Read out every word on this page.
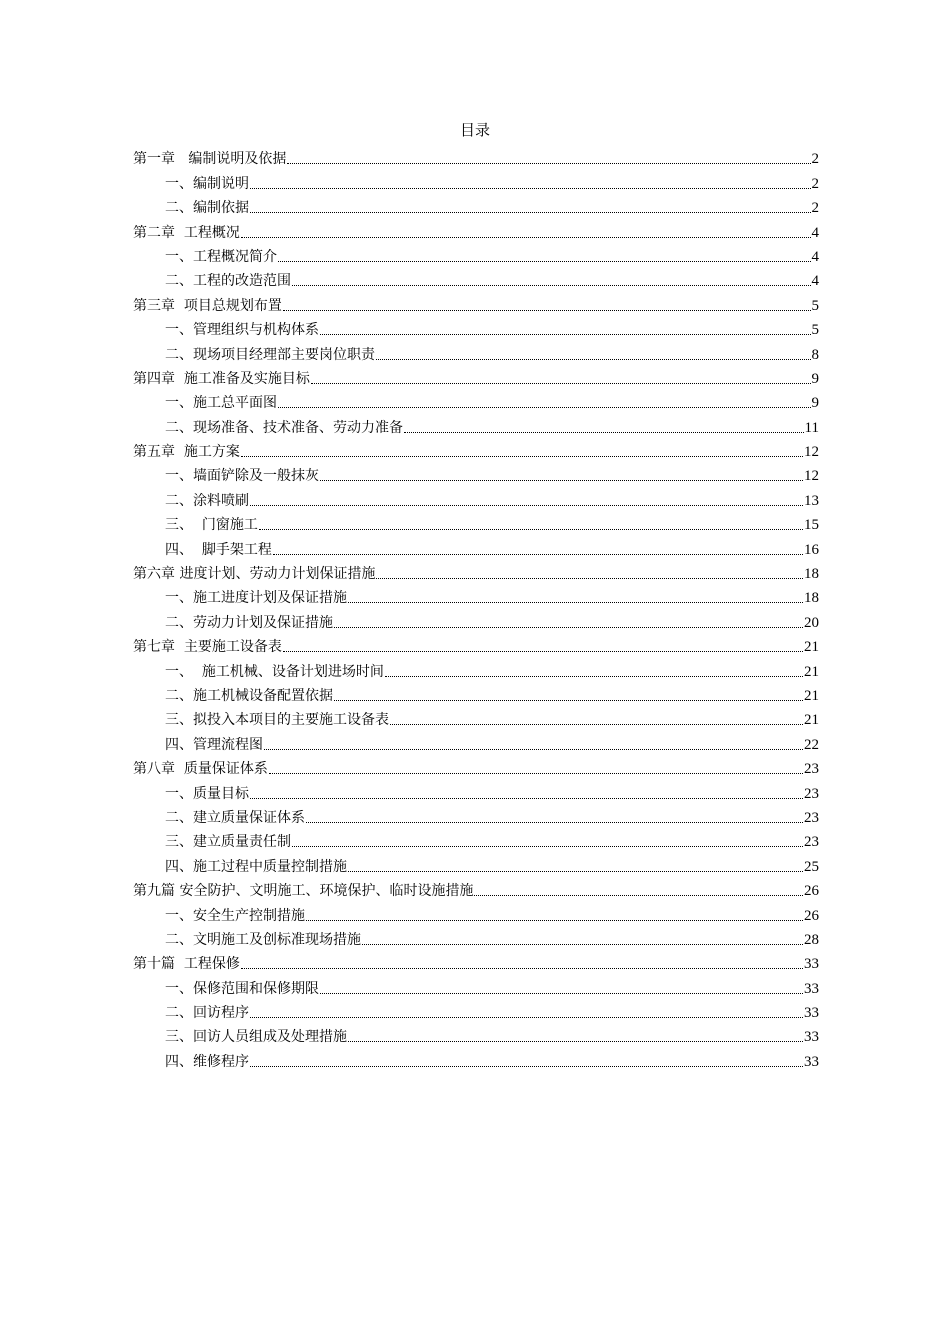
目录
第一章   编制说明及依据	2
一、编制说明	2
二、编制依据	2
第二章  工程概况	4
一、工程概况简介	4
二、工程的改造范围	4
第三章  项目总规划布置	5
一、管理组织与机构体系	5
二、现场项目经理部主要岗位职责	8
第四章  施工准备及实施目标	9
一、施工总平面图	9
二、现场准备、技术准备、劳动力准备	11
第五章  施工方案	12
一、墙面铲除及一般抹灰	12
二、涂料喷刷	13
三、  门窗施工	15
四、  脚手架工程	16
第六章 进度计划、劳动力计划保证措施	18
一、施工进度计划及保证措施	18
二、劳动力计划及保证措施	20
第七章  主要施工设备表	21
一、  施工机械、设备计划进场时间	21
二、施工机械设备配置依据	21
三、拟投入本项目的主要施工设备表	21
四、管理流程图	22
第八章  质量保证体系	23
一、质量目标	23
二、建立质量保证体系	23
三、建立质量责任制	23
四、施工过程中质量控制措施	25
第九篇 安全防护、文明施工、环境保护、临时设施措施	26
一、安全生产控制措施	26
二、文明施工及创标准现场措施	28
第十篇  工程保修	33
一、保修范围和保修期限	33
二、回访程序	33
三、回访人员组成及处理措施	33
四、维修程序	33
